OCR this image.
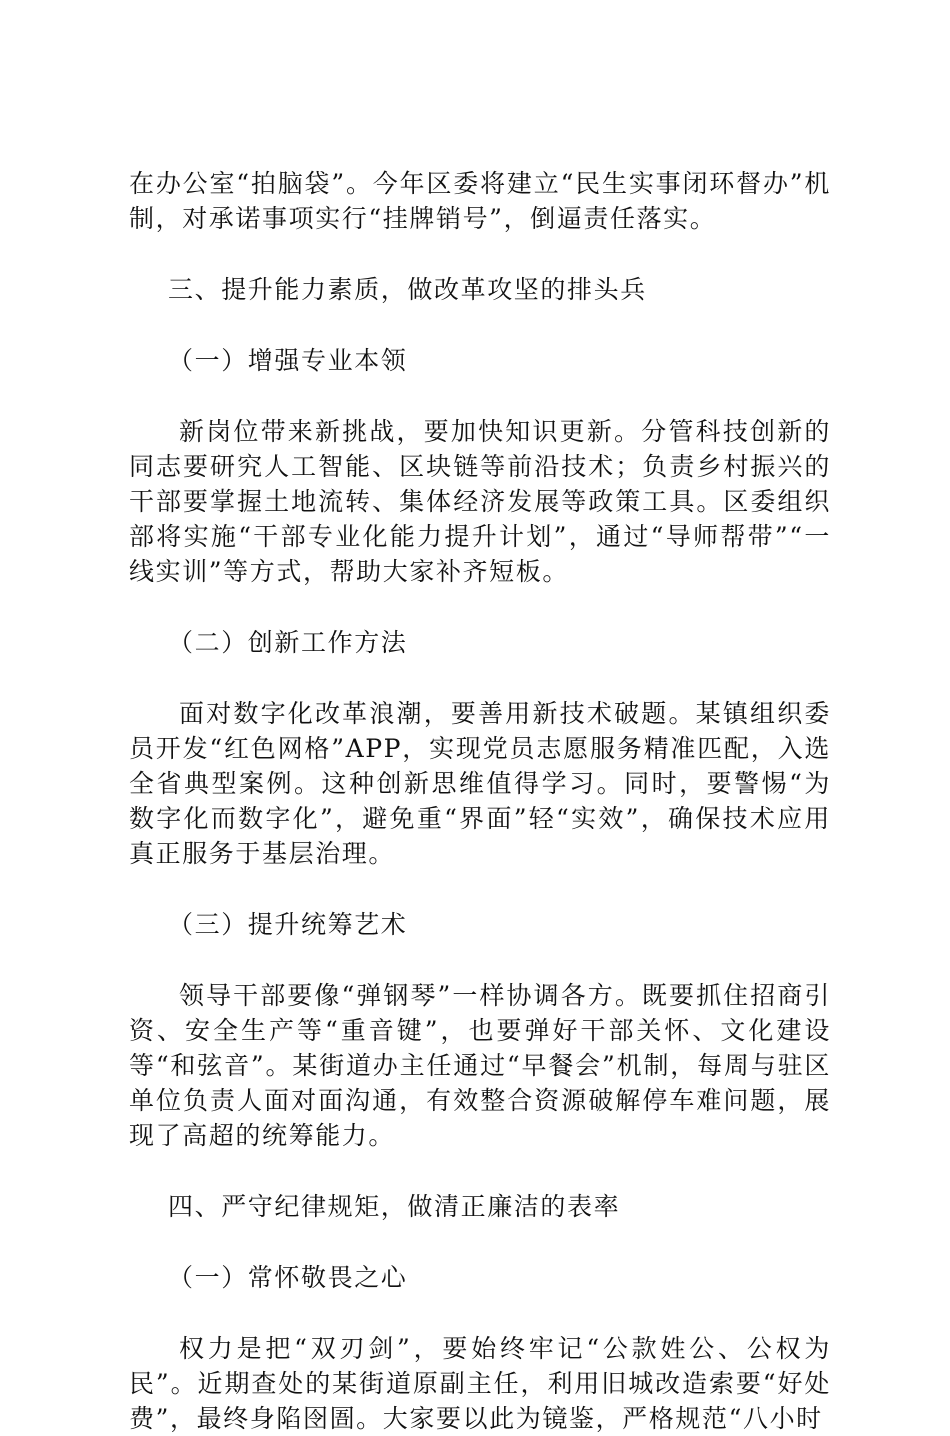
在办公室“拍脑袋”。今年区委将建立“民生实事闭环督办”机制，对承诺事项实行“挂牌销号”，倒逼责任落实。

三、提升能力素质，做改革攻坚的排头兵

（一）增强专业本领

新岗位带来新挑战，要加快知识更新。分管科技创新的同志要研究人工智能、区块链等前沿技术；负责乡村振兴的干部要掌握土地流转、集体经济发展等政策工具。区委组织部将实施“干部专业化能力提升计划”，通过“导师帮带”“一线实训”等方式，帮助大家补齐短板。

（二）创新工作方法

面对数字化改革浪潮，要善用新技术破题。某镇组织委员开发“红色网格”APP，实现党员志愿服务精准匹配，入选全省典型案例。这种创新思维值得学习。同时，要警惕“为数字化而数字化”，避免重“界面”轻“实效”，确保技术应用真正服务于基层治理。

（三）提升统筹艺术

领导干部要像“弹钢琴”一样协调各方。既要抓住招商引资、安全生产等“重音键”，也要弹好干部关怀、文化建设等“和弦音”。某街道办主任通过“早餐会”机制，每周与驻区单位负责人面对面沟通，有效整合资源破解停车难问题，展现了高超的统筹能力。

四、严守纪律规矩，做清正廉洁的表率

（一）常怀敬畏之心

权力是把“双刃剑”，要始终牢记“公款姓公、公权为民”。近期查处的某街道原副主任，利用旧城改造索要“好处费”，最终身陷囹圄。大家要以此为镜鉴，严格规范“八小时
